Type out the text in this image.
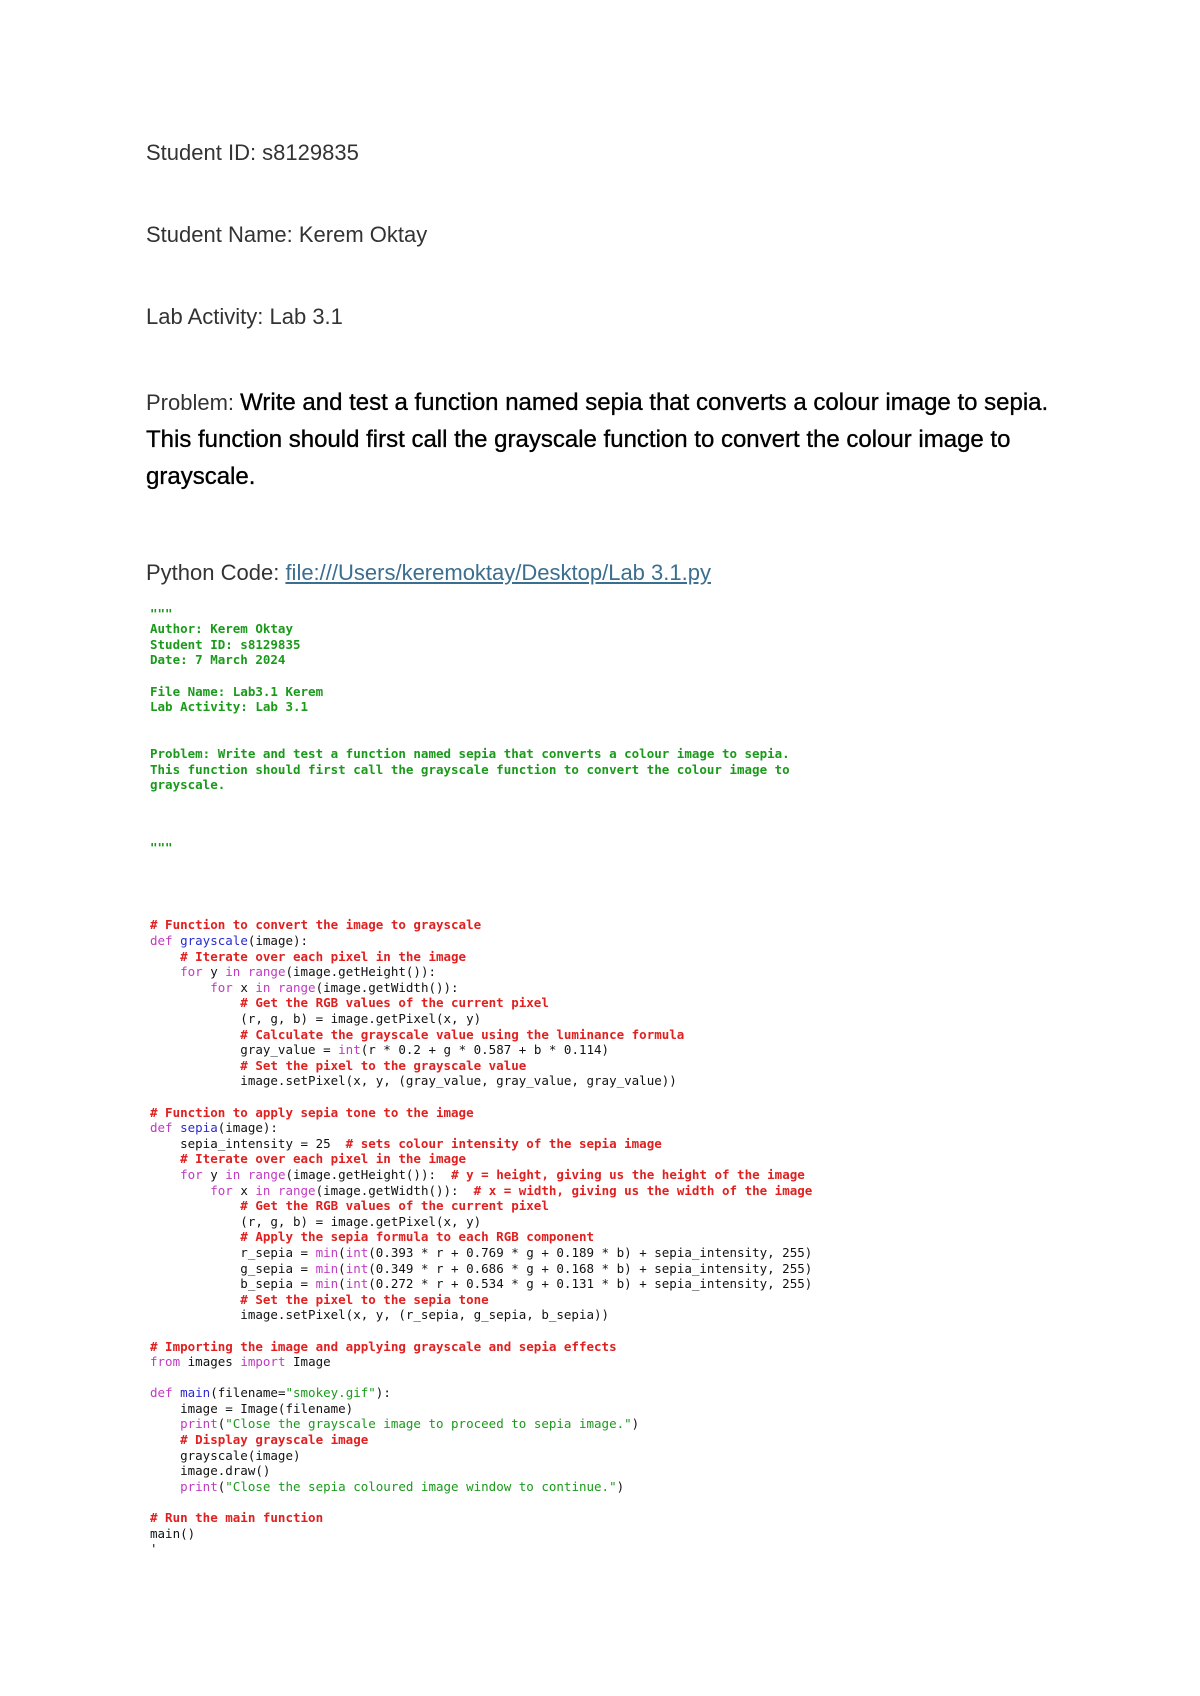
Student ID: s8129835
Student Name: Kerem Oktay
Lab Activity: Lab 3.1
Problem: Write and test a function named sepia that converts a colour image to sepia. This function should first call the grayscale function to convert the colour image to grayscale.
Python Code: file:///Users/keremoktay/Desktop/Lab 3.1.py

"""
Author: Kerem Oktay
Student ID: s8129835
Date: 7 March 2024

File Name: Lab3.1 Kerem
Lab Activity: Lab 3.1

Problem: Write and test a function named sepia that converts a colour image to sepia.
This function should first call the grayscale function to convert the colour image to
grayscale.

"""

# Function to convert the image to grayscale
def grayscale(image):
# Iterate over each pixel in the image
for y in range(image.getHeight()):
for x in range(image.getWidth()):
# Get the RGB values of the current pixel
(r, g, b) = image.getPixel(x, y)
# Calculate the grayscale value using the luminance formula
gray_value = int(r * 0.2 + g * 0.587 + b * 0.114)
# Set the pixel to the grayscale value
image.setPixel(x, y, (gray_value, gray_value, gray_value))

# Function to apply sepia tone to the image
def sepia(image):
sepia_intensity = 25  # sets colour intensity of the sepia image
# Iterate over each pixel in the image
for y in range(image.getHeight()):  # y = height, giving us the height of the image
for x in range(image.getWidth()):  # x = width, giving us the width of the image
# Get the RGB values of the current pixel
(r, g, b) = image.getPixel(x, y)
# Apply the sepia formula to each RGB component
r_sepia = min(int(0.393 * r + 0.769 * g + 0.189 * b) + sepia_intensity, 255)
g_sepia = min(int(0.349 * r + 0.686 * g + 0.168 * b) + sepia_intensity, 255)
b_sepia = min(int(0.272 * r + 0.534 * g + 0.131 * b) + sepia_intensity, 255)
# Set the pixel to the sepia tone
image.setPixel(x, y, (r_sepia, g_sepia, b_sepia))

# Importing the image and applying grayscale and sepia effects
from images import Image

def main(filename="smokey.gif"):
image = Image(filename)
print("Close the grayscale image to proceed to sepia image.")
# Display grayscale image
grayscale(image)
image.draw()
print("Close the sepia coloured image window to continue.")

# Run the main function
main()
'
